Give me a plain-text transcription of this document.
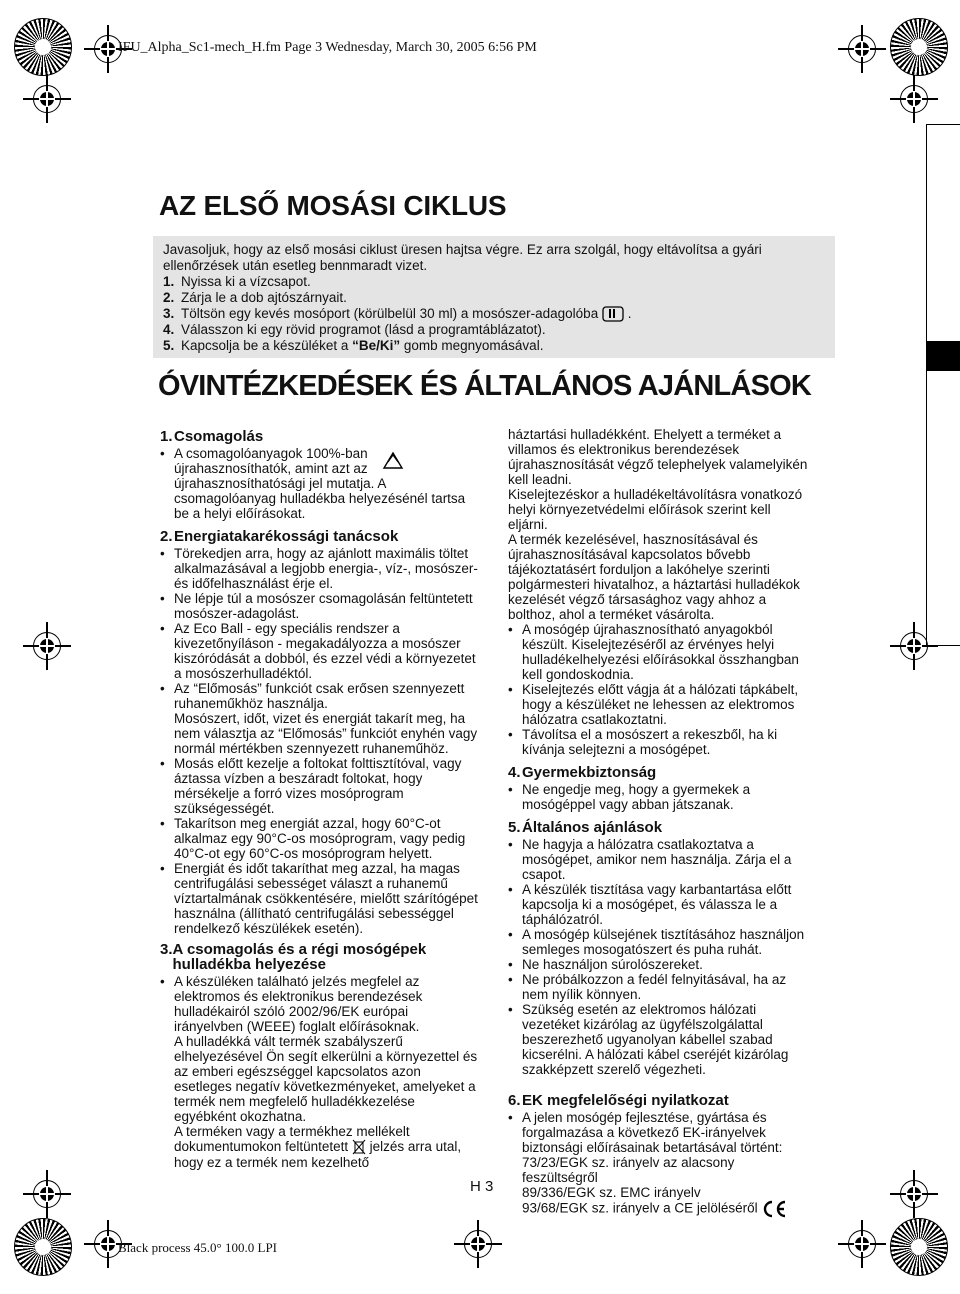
IFU_Alpha_Sc1-mech_H.fm Page 3 Wednesday, March 30, 2005 6:56 PM
Black process 45.0° 100.0 LPI
AZ ELSŐ MOSÁSI CIKLUS

Javasoljuk, hogy az első mosási ciklust üresen hajtsa végre. Ez arra szolgál, hogy eltávolítsa a gyári ellenőrzések után esetleg bennmaradt vizet.

1. Nyissa ki a vízcsapot.
2. Zárja le a dob ajtószárnyait.
3. Töltsön egy kevés mosóport (körülbelül 30 ml) a mosószer-adagolóba .
4. Válasszon ki egy rövid programot (lásd a programtáblázatot).
5. Kapcsolja be a készüléket a “Be/Ki” gomb megnyomásával.
ÓVINTÉZKEDÉSEK ÉS ÁLTALÁNOS AJÁNLÁSOK
1. Csomagolás
• A csomagolóanyagok 100%-ban újrahasznosíthatók, amint azt az újrahasznosíthatósági jel mutatja. A csomagolóanyag hulladékba helyezésénél tartsa be a helyi előírásokat.
2. Energiatakarékossági tanácsok
• Törekedjen arra, hogy az ajánlott maximális töltet alkalmazásával a legjobb energia-, víz-, mosószer- és időfelhasználást érje el.
• Ne lépje túl a mosószer csomagolásán feltüntetett mosószer-adagolást.
• Az Eco Ball - egy speciális rendszer a kivezetőnyíláson - megakadályozza a mosószer kiszóródását a dobból, és ezzel védi a környezetet a mosószerhulladéktól.
• Az “Előmosás” funkciót csak erősen szennyezett ruhaneműkhöz használja.

Mosószert, időt, vizet és energiát takarít meg, ha nem választja az “Előmosás” funkciót enyhén vagy normál mértékben szennyezett ruhaneműhöz.

• Mosás előtt kezelje a foltokat folttisztítóval, vagy áztassa vízben a beszáradt foltokat, hogy mérsékelje a forró vizes mosóprogram szükségességét.
• Takarítson meg energiát azzal, hogy 60°C-ot alkalmaz egy 90°C-os mosóprogram, vagy pedig 40°C-ot egy 60°C-os mosóprogram helyett.
• Energiát és időt takaríthat meg azzal, ha magas centrifugálási sebességet választ a ruhanemű víztartalmának csökkentésére, mielőtt szárítógépet használna (állítható centrifugálási sebességgel rendelkező készülékek esetén).
3. A csomagolás és a régi mosógépek hulladékba helyezése
• A készüléken található jelzés megfelel az elektromos és elektronikus berendezések hulladékairól szóló 2002/96/EK európai irányelvben (WEEE) foglalt előírásoknak.

A hulladékká vált termék szabályszerű elhelyezésével Ön segít elkerülni a környezettel és az emberi egészséggel kapcsolatos azon esetleges negatív következményeket, amelyeket a termék nem megfelelő hulladékkezelése egyébként okozhatna.

A terméken vagy a termékhez mellékelt dokumentumokon feltüntetett jelzés arra utal, hogy ez a termék nem kezelhető

háztartási hulladékként. Ehelyett a terméket a villamos és elektronikus berendezések újrahasznosítását végző telephelyek valamelyikén kell leadni.

Kiselejtezéskor a hulladékeltávolításra vonatkozó helyi környezetvédelmi előírások szerint kell eljárni.

A termék kezelésével, hasznosításával és újrahasznosításával kapcsolatos bővebb tájékoztatásért forduljon a lakóhelye szerinti polgármesteri hivatalhoz, a háztartási hulladékok kezelését végző társasághoz vagy ahhoz a bolthoz, ahol a terméket vásárolta.

• A mosógép újrahasznosítható anyagokból készült. Kiselejtezéséről az érvényes helyi hulladékelhelyezési előírásokkal összhangban kell gondoskodnia.
• Kiselejtezés előtt vágja át a hálózati tápkábelt, hogy a készüléket ne lehessen az elektromos hálózatra csatlakoztatni.
• Távolítsa el a mosószert a rekeszből, ha ki kívánja selejtezni a mosógépet.
4. Gyermekbiztonság
• Ne engedje meg, hogy a gyermekek a mosógéppel vagy abban játszanak.
5. Általános ajánlások
• Ne hagyja a hálózatra csatlakoztatva a mosógépet, amikor nem használja. Zárja el a csapot.
• A készülék tisztítása vagy karbantartása előtt kapcsolja ki a mosógépet, és válassza le a táphálózatról.
• A mosógép külsejének tisztításához használjon semleges mosogatószert és puha ruhát.
• Ne használjon súrolószereket.
• Ne próbálkozzon a fedél felnyitásával, ha az nem nyílik könnyen.
• Szükség esetén az elektromos hálózati vezetéket kizárólag az ügyfélszolgálattal beszerezhető ugyanolyan kábellel szabad kicserélni. A hálózati kábel cseréjét kizárólag szakképzett szerelő végezheti.
6. EK megfelelőségi nyilatkozat
• A jelen mosógép fejlesztése, gyártása és forgalmazása a következő EK-irányelvek biztonsági előírásainak betartásával történt:

73/23/EGK sz. irányelv az alacsony feszültségről

89/336/EGK sz. EMC irányelv

93/68/EGK sz. irányelv a CE jelöléséről

H 3
